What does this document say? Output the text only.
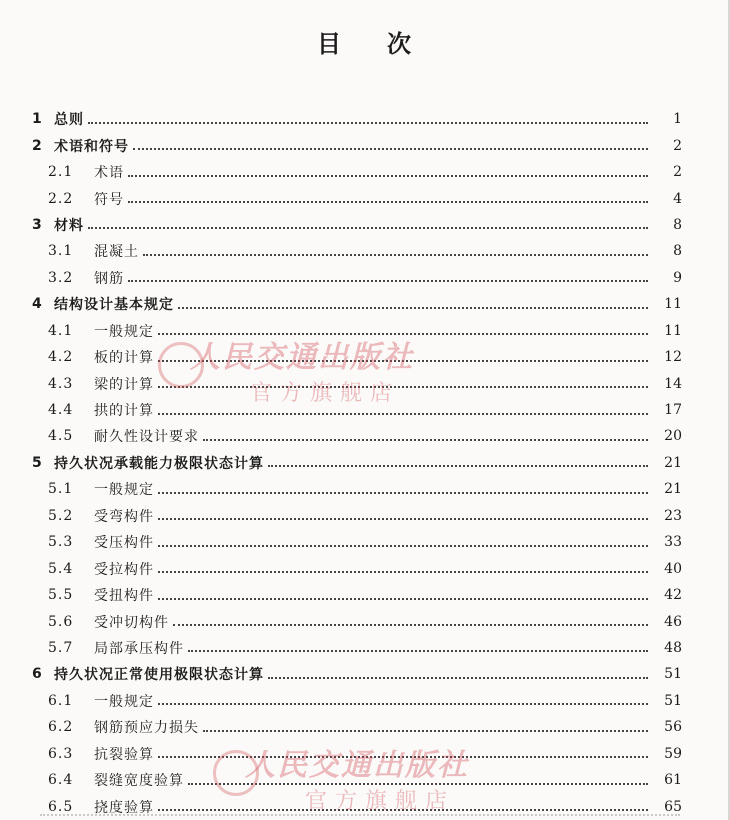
目 次
1 总则	1
2 术语和符号	2
2.1	术语	2
2.2	符号	4
3 材料	8
3.1	混凝土	8
3.2	钢筋	9
4 结构设计基本规定	11
4.1	一般规定	11
4.2	板的计算	12
4.3	梁的计算	14
4.4	拱的计算	17
4.5	耐久性设计要求	20
5 持久状况承载能力极限状态计算	21
5.1	一般规定	21
5.2	受弯构件	23
5.3	受压构件	33
5.4	受拉构件	40
5.5	受扭构件	42
5.6	受冲切构件	46
5.7	局部承压构件	48
6 持久状况正常使用极限状态计算	51
6.1	一般规定	51
6.2	钢筋预应力损失	56
6.3	抗裂验算	59
6.4	裂缝宽度验算	61
6.5	挠度验算	65
人民交通出版社
官方旗舰店
人民交通出版社
官方旗舰店
